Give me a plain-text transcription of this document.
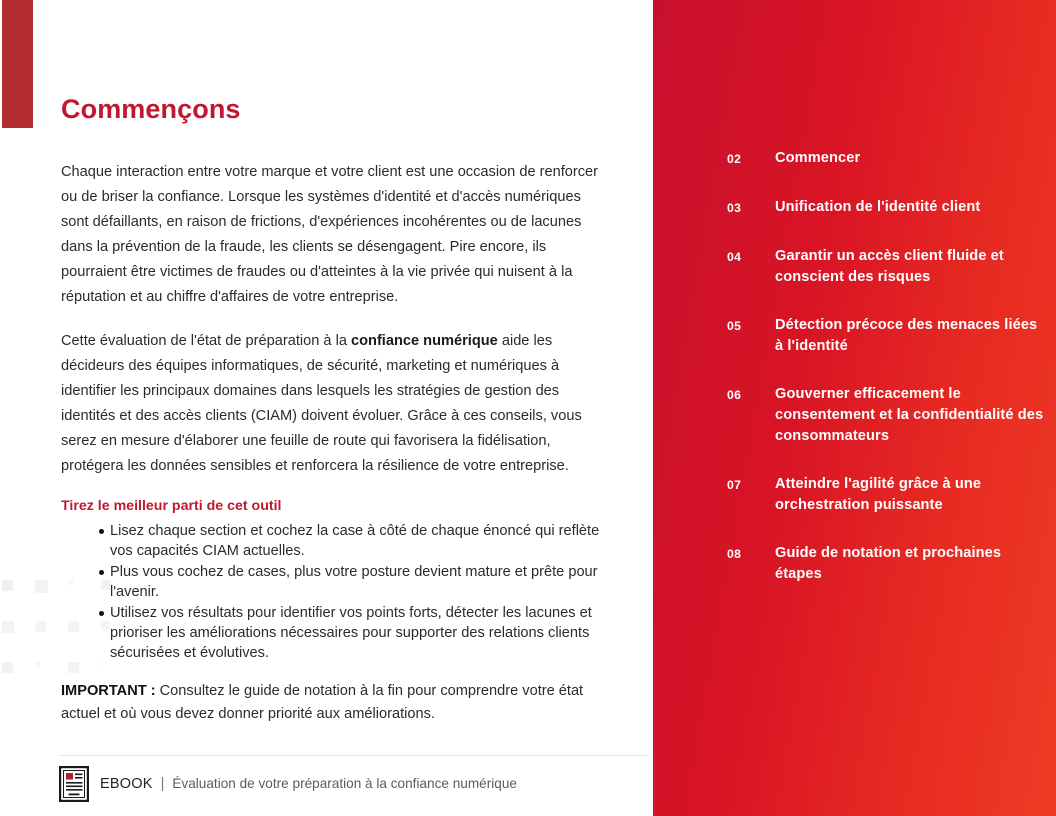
Commençons

Chaque interaction entre votre marque et votre client est une occasion de renforcer ou de briser la confiance. Lorsque les systèmes d'identité et d'accès numériques sont défaillants, en raison de frictions, d'expériences incohérentes ou de lacunes dans la prévention de la fraude, les clients se désengagent. Pire encore, ils pourraient être victimes de fraudes ou d'atteintes à la vie privée qui nuisent à la réputation et au chiffre d'affaires de votre entreprise.

Cette évaluation de l'état de préparation à la confiance numérique aide les décideurs des équipes informatiques, de sécurité, marketing et numériques à identifier les principaux domaines dans lesquels les stratégies de gestion des identités et des accès clients (CIAM) doivent évoluer. Grâce à ces conseils, vous serez en mesure d'élaborer une feuille de route qui favorisera la fidélisation, protégera les données sensibles et renforcera la résilience de votre entreprise.

Tirez le meilleur parti de cet outil
Lisez chaque section et cochez la case à côté de chaque énoncé qui reflète vos capacités CIAM actuelles.
Plus vous cochez de cases, plus votre posture devient mature et prête pour l'avenir.
Utilisez vos résultats pour identifier vos points forts, détecter les lacunes et prioriser les améliorations nécessaires pour supporter des relations clients sécurisées et évolutives.

IMPORTANT : Consultez le guide de notation à la fin pour comprendre votre état actuel et où vous devez donner priorité aux améliorations.

EBOOK | Évaluation de votre préparation à la confiance numérique
02	Commencer
03	Unification de l'identité client
04	Garantir un accès client fluide et conscient des risques
05	Détection précoce des menaces liées à l'identité
06	Gouverner efficacement le consentement et la confidentialité des consommateurs
07	Atteindre l'agilité grâce à une orchestration puissante
08	Guide de notation et prochaines étapes
